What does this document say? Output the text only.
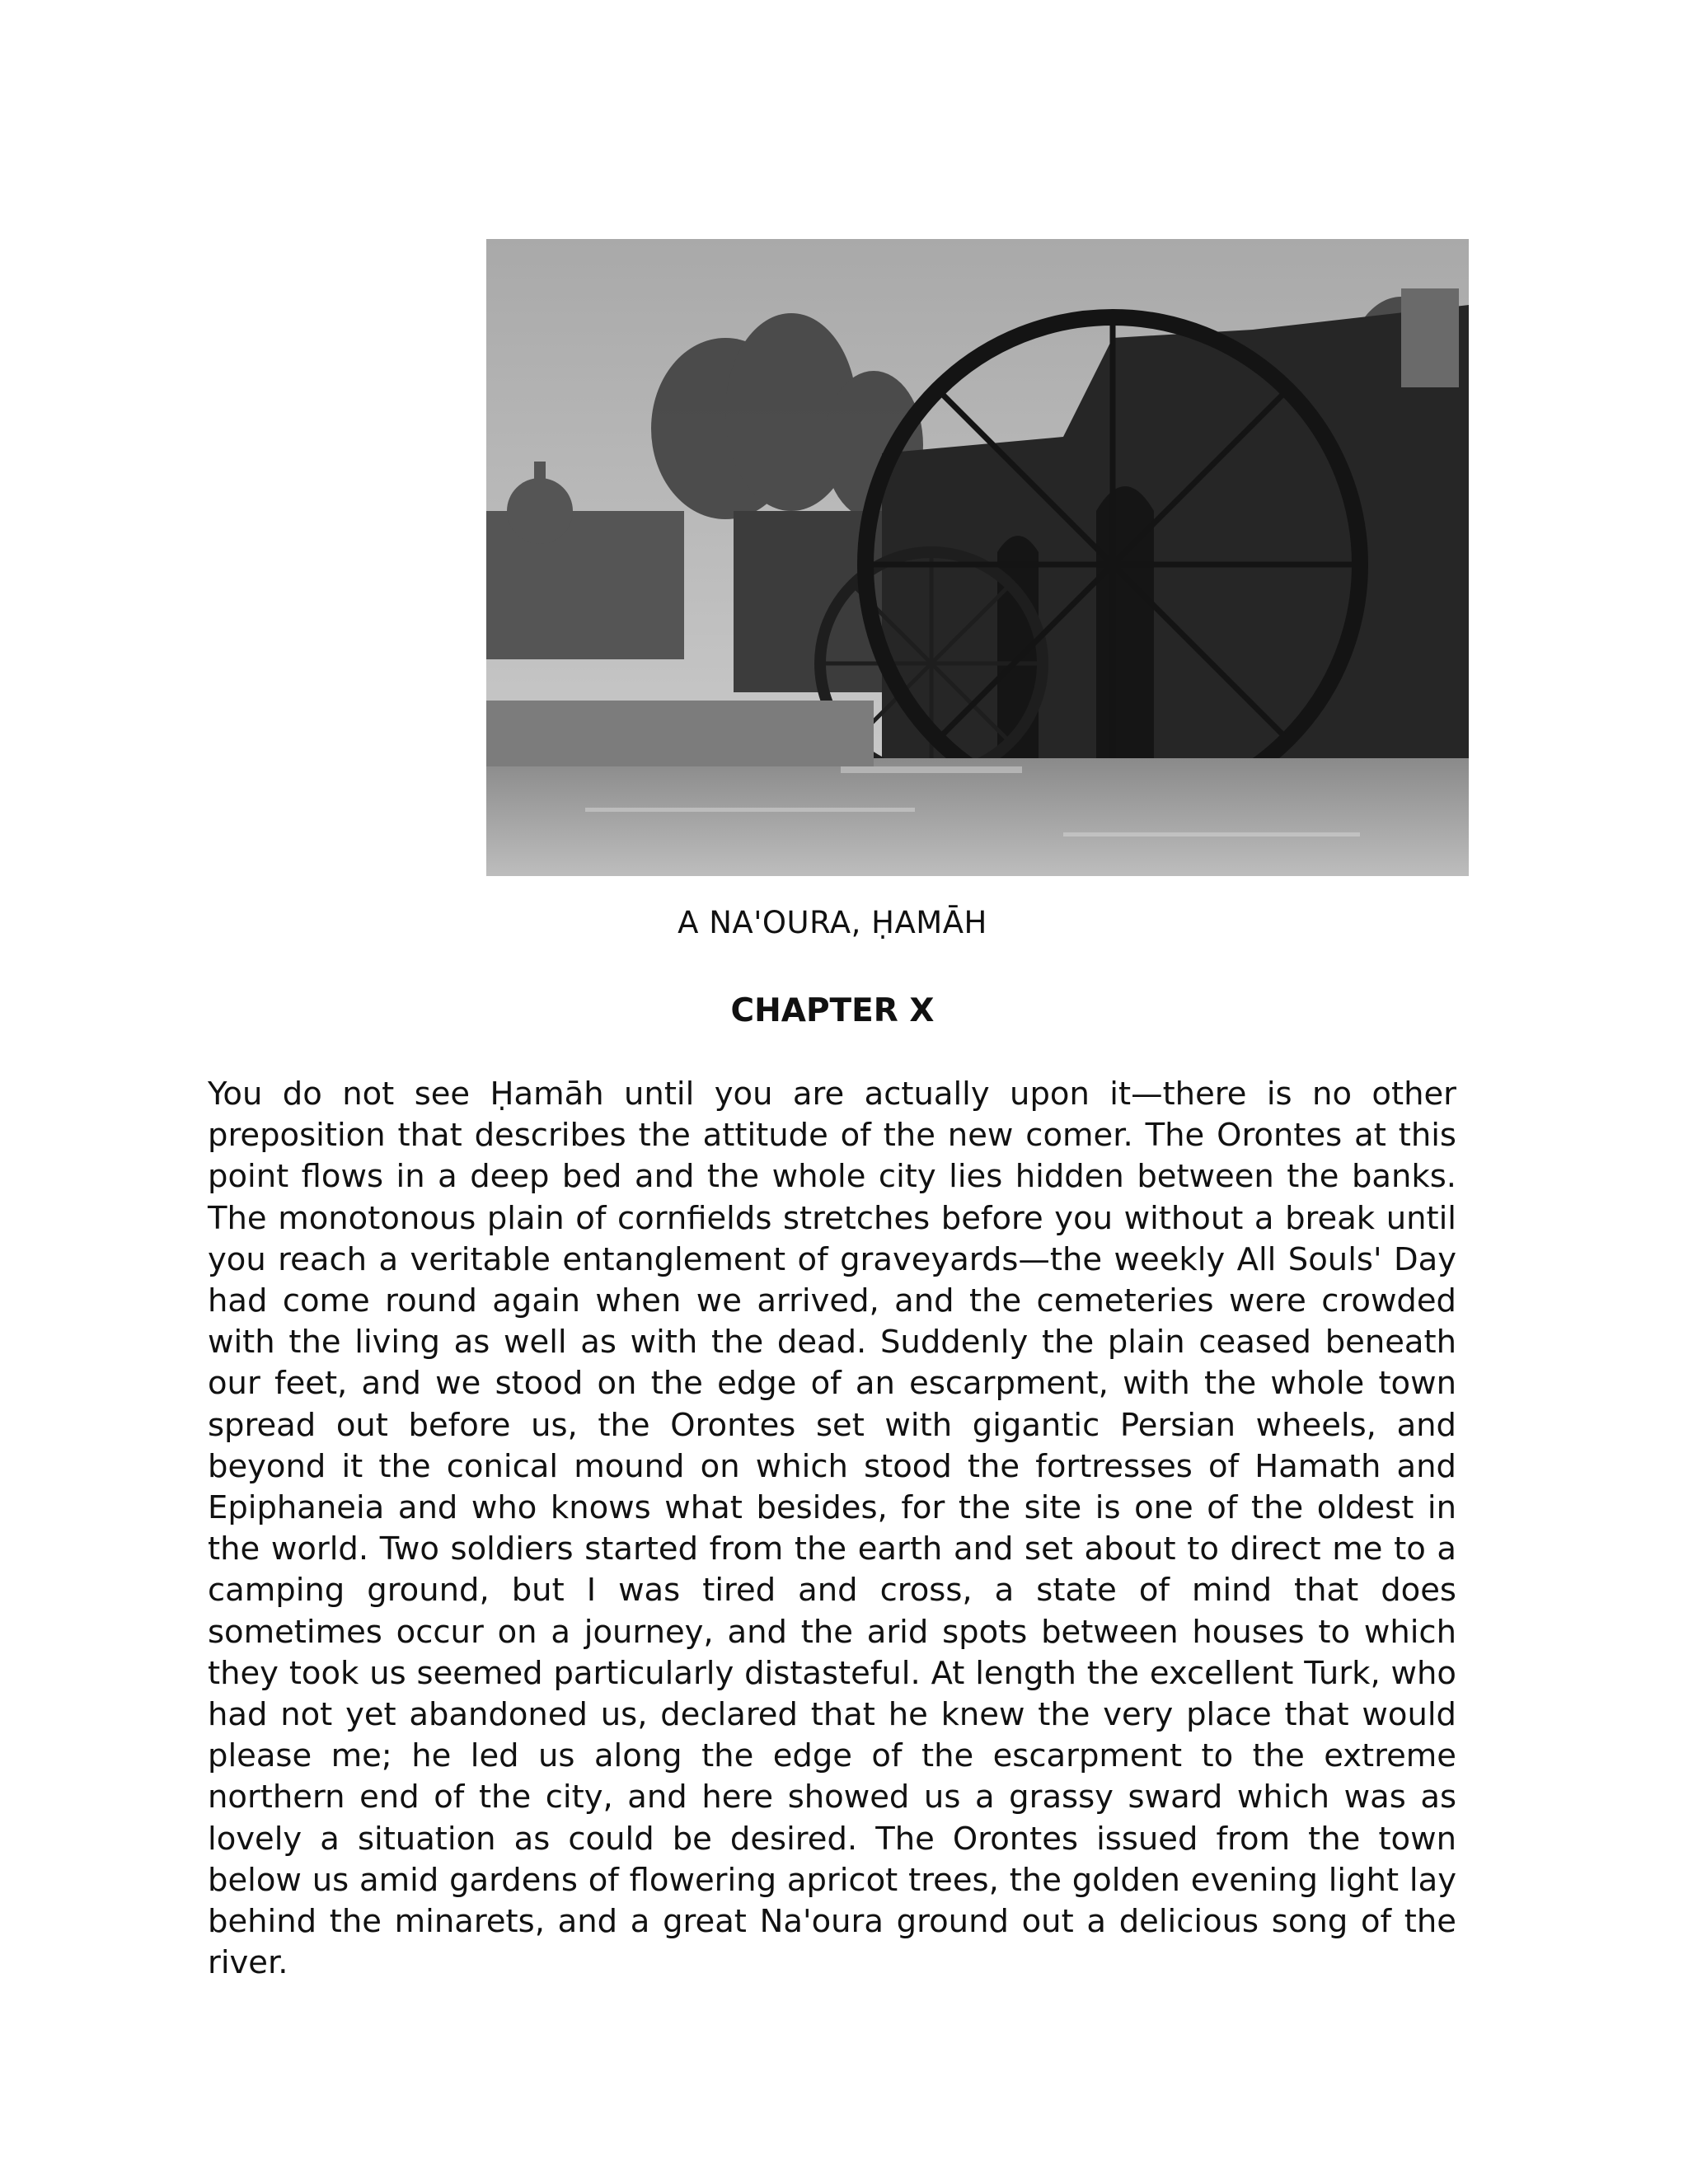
A NA'OURA, ḤAMĀH
CHAPTER X

You do not see Ḥamāh until you are actually upon it—there is no other preposition that describes the attitude of the new comer. The Orontes at this point flows in a deep bed and the whole city lies hidden between the banks. The monotonous plain of cornfields stretches before you without a break until you reach a veritable entanglement of graveyards—the weekly All Souls' Day had come round again when we arrived, and the cemeteries were crowded with the living as well as with the dead. Suddenly the plain ceased beneath our feet, and we stood on the edge of an escarpment, with the whole town spread out before us, the Orontes set with gigantic Persian wheels, and beyond it the conical mound on which stood the fortresses of Hamath and Epiphaneia and who knows what besides, for the site is one of the oldest in the world. Two soldiers started from the earth and set about to direct me to a camping ground, but I was tired and cross, a state of mind that does sometimes occur on a journey, and the arid spots between houses to which they took us seemed particularly distasteful. At length the excellent Turk, who had not yet abandoned us, declared that he knew the very place that would please me; he led us along the edge of the escarpment to the extreme northern end of the city, and here showed us a grassy sward which was as lovely a situation as could be desired. The Orontes issued from the town below us amid gardens of flowering apricot trees, the golden evening light lay behind the minarets, and a great Na'oura ground out a delicious song of the river.
